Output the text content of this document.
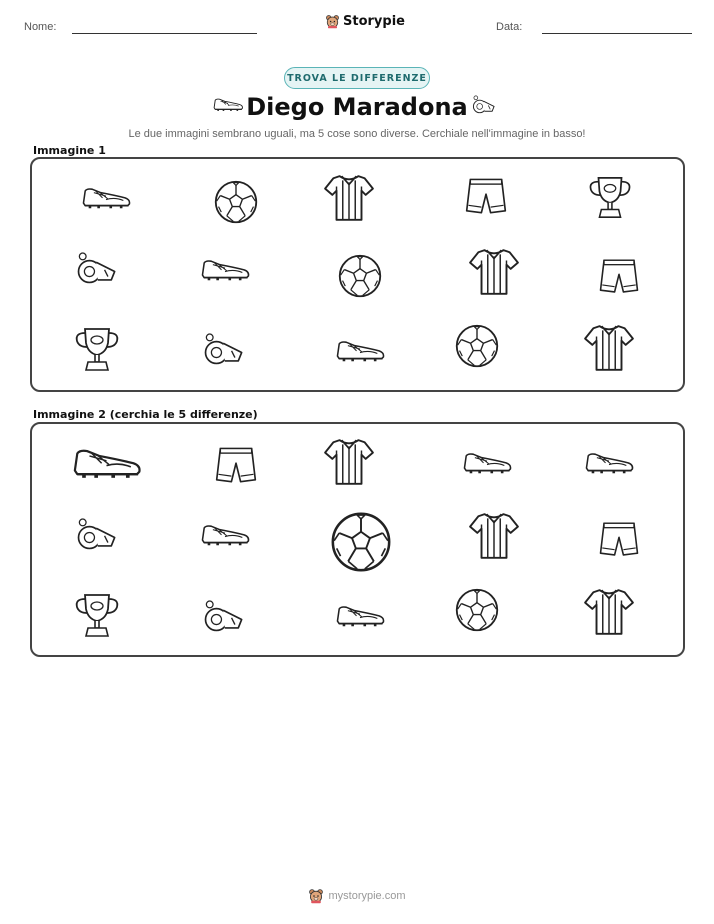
Nome:	Storypie	Data:
TROVA LE DIFFERENZE
Diego Maradona
Le due immagini sembrano uguali, ma 5 cose sono diverse. Cerchiale nell'immagine in basso!
Immagine 1
Immagine 2 (cerchia le 5 differenze)
mystorypie.com
